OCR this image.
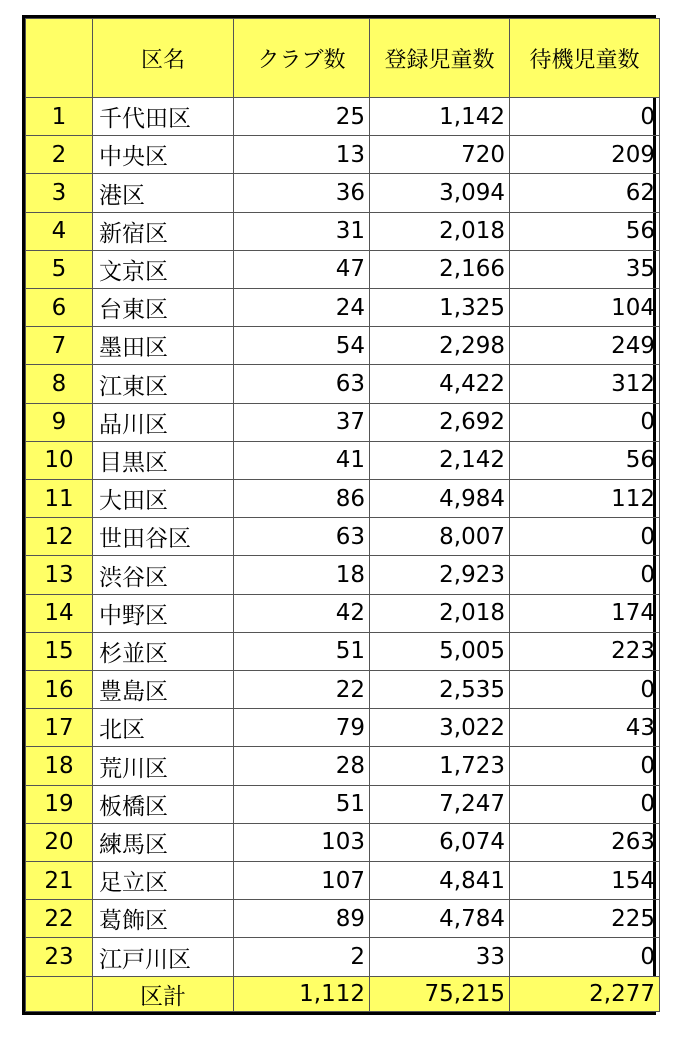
	区名	クラブ数	登録児童数	待機児童数
1	千代田区	25	1,142	0
2	中央区	13	720	209
3	港区	36	3,094	62
4	新宿区	31	2,018	56
5	文京区	47	2,166	35
6	台東区	24	1,325	104
7	墨田区	54	2,298	249
8	江東区	63	4,422	312
9	品川区	37	2,692	0
10	目黒区	41	2,142	56
11	大田区	86	4,984	112
12	世田谷区	63	8,007	0
13	渋谷区	18	2,923	0
14	中野区	42	2,018	174
15	杉並区	51	5,005	223
16	豊島区	22	2,535	0
17	北区	79	3,022	43
18	荒川区	28	1,723	0
19	板橋区	51	7,247	0
20	練馬区	103	6,074	263
21	足立区	107	4,841	154
22	葛飾区	89	4,784	225
23	江戸川区	2	33	0
	区計	1,112	75,215	2,277
